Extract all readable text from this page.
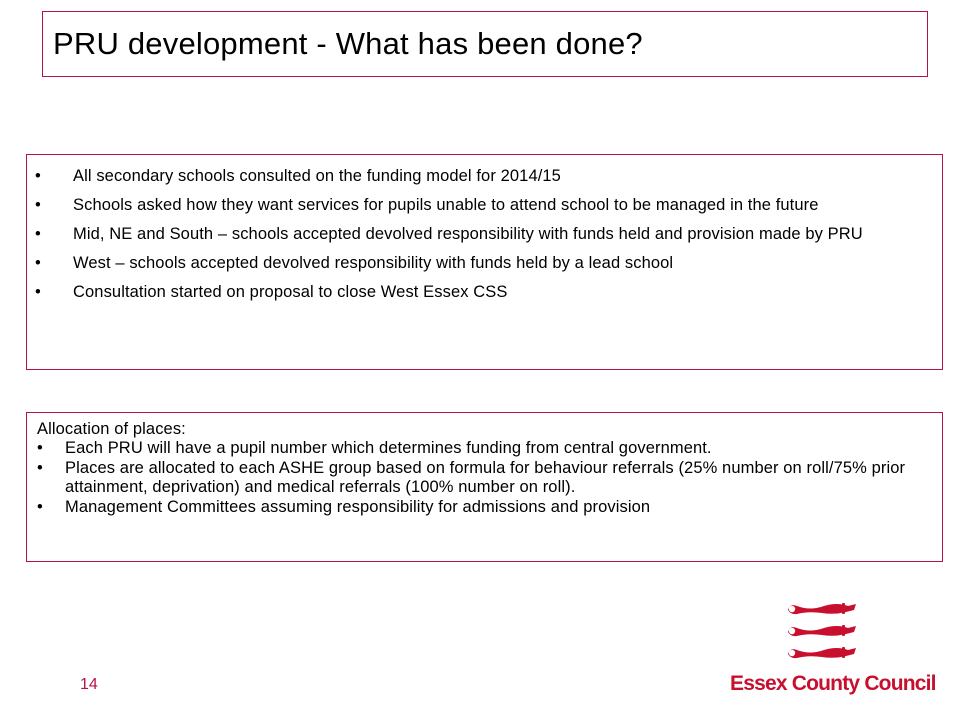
PRU development - What has been done?
• All secondary schools consulted on the funding model for 2014/15
• Schools asked how they want services for pupils unable to attend school to be managed in the future
• Mid, NE and South – schools accepted devolved responsibility with funds held and provision made by PRU
• West – schools accepted devolved responsibility with funds held by a lead school
• Consultation started on proposal to close West Essex CSS
Allocation of places:
• Each PRU will have a pupil number which determines funding from central government.
• Places are allocated to each ASHE group based on formula for behaviour referrals (25% number on roll/75% prior attainment, deprivation) and medical referrals (100% number on roll).
• Management Committees assuming responsibility for admissions and provision
14	Essex County Council
